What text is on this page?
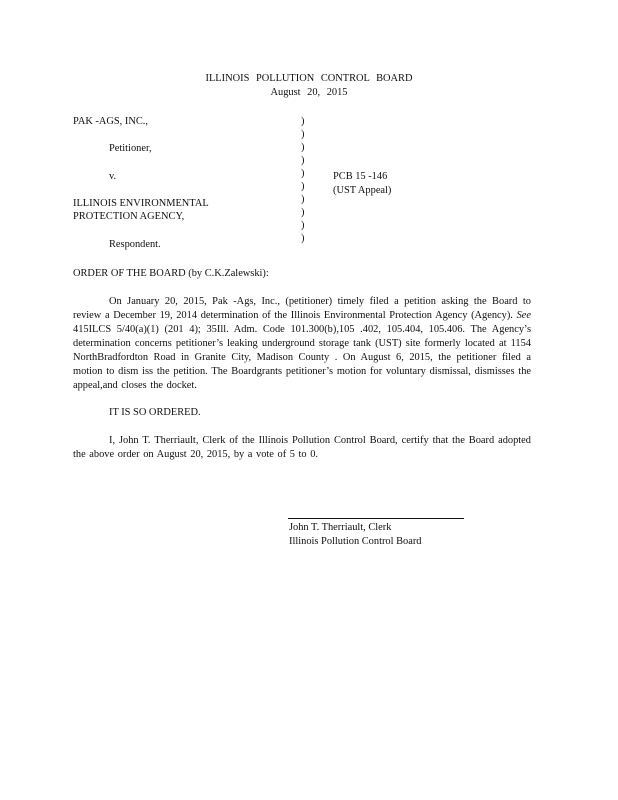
ILLINOIS POLLUTION CONTROL BOARD
August 20, 2015
PAK -AGS, INC.,
Petitioner,
v.
ILLINOIS ENVIRONMENTAL
PROTECTION AGENCY,
Respondent.
)
)
)
)
)
)
)
)
)
)
PCB 15 -146
(UST Appeal)
ORDER OF THE BOARD (by C.K.Zalewski):

On January 20, 2015, Pak -Ags, Inc., (petitioner) timely filed a petition asking the Board to review a December 19, 2014 determination of the Illinois Environmental Protection Agency (Agency). See 415ILCS 5/40(a)(1) (201 4); 35Ill. Adm. Code 101.300(b),105 .402, 105.404, 105.406. The Agency’s determination concerns petitioner’s leaking underground storage tank (UST) site formerly located at 1154 NorthBradfordton Road in Granite City, Madison County . On August 6, 2015, the petitioner filed a motion to dism iss the petition. The Boardgrants petitioner’s motion for voluntary dismissal, dismisses the appeal,and closes the docket.

IT IS SO ORDERED.

I, John T. Therriault, Clerk of the Illinois Pollution Control Board, certify that the Board adopted the above order on August 20, 2015, by a vote of 5 to 0.

John T. Therriault, Clerk
Illinois Pollution Control Board
